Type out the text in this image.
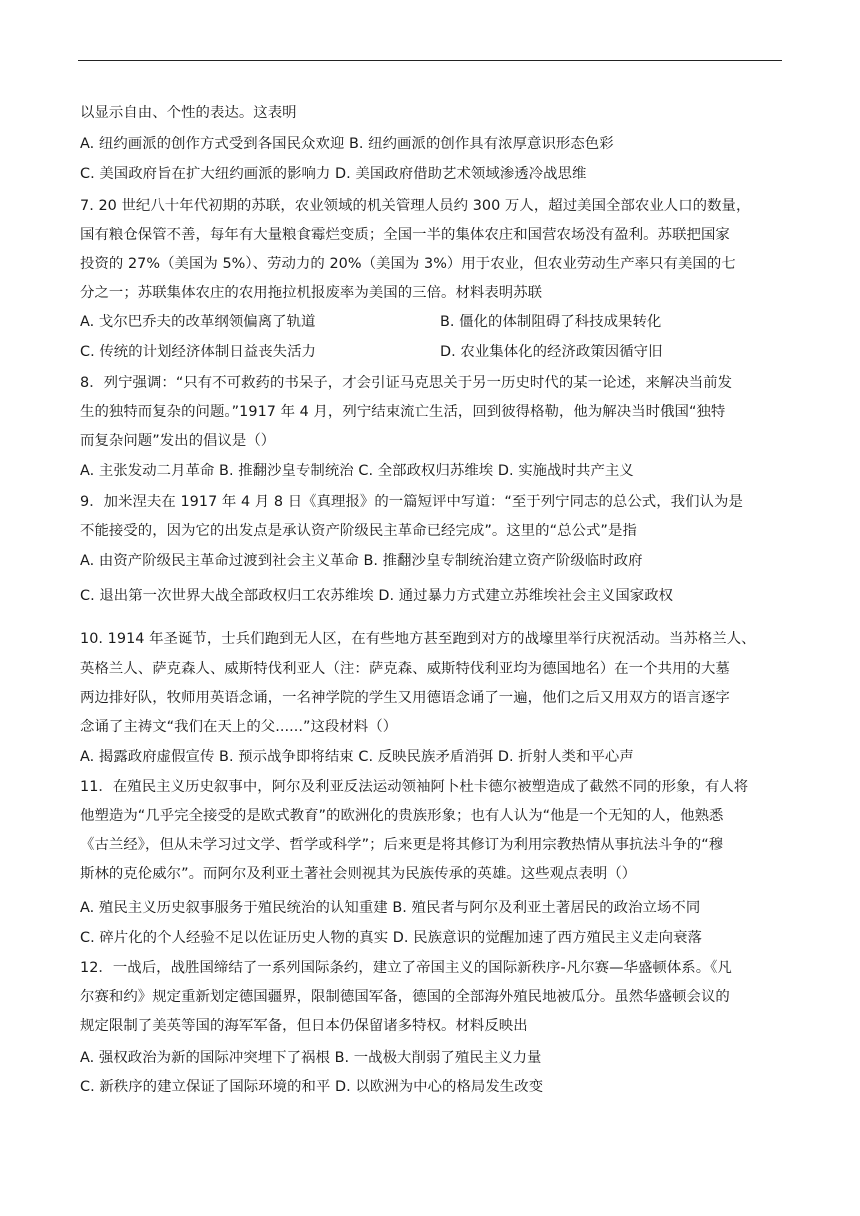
以显示自由、个性的表达。这表明
A. 纽约画派的创作方式受到各国民众欢迎 B. 纽约画派的创作具有浓厚意识形态色彩
C. 美国政府旨在扩大纽约画派的影响力 D. 美国政府借助艺术领域渗透冷战思维
7. 20 世纪八十年代初期的苏联，农业领域的机关管理人员约 300 万人，超过美国全部农业人口的数量，
国有粮仓保管不善，每年有大量粮食霉烂变质；全国一半的集体农庄和国营农场没有盈利。苏联把国家
投资的 27%（美国为 5%）、劳动力的 20%（美国为 3%）用于农业，但农业劳动生产率只有美国的七
分之一；苏联集体农庄的农用拖拉机报废率为美国的三倍。材料表明苏联
A. 戈尔巴乔夫的改革纲领偏离了轨道	B. 僵化的体制阻碍了科技成果转化
C. 传统的计划经济体制日益丧失活力	D. 农业集体化的经济政策因循守旧
8．列宁强调：“只有不可救药的书呆子，才会引证马克思关于另一历史时代的某一论述，来解决当前发
生的独特而复杂的问题。”1917 年 4 月，列宁结束流亡生活，回到彼得格勒，他为解决当时俄国“独特
而复杂问题”发出的倡议是（）
A. 主张发动二月革命 B. 推翻沙皇专制统治 C. 全部政权归苏维埃 D. 实施战时共产主义
9．加米涅夫在 1917 年 4 月 8 日《真理报》的一篇短评中写道：“至于列宁同志的总公式，我们认为是
不能接受的，因为它的出发点是承认资产阶级民主革命已经完成”。这里的“总公式”是指
A. 由资产阶级民主革命过渡到社会主义革命 B. 推翻沙皇专制统治建立资产阶级临时政府
C. 退出第一次世界大战全部政权归工农苏维埃 D. 通过暴力方式建立苏维埃社会主义国家政权
10. 1914 年圣诞节，士兵们跑到无人区，在有些地方甚至跑到对方的战壕里举行庆祝活动。当苏格兰人、
英格兰人、萨克森人、威斯特伐利亚人（注：萨克森、威斯特伐利亚均为德国地名）在一个共用的大墓
两边排好队，牧师用英语念诵，一名神学院的学生又用德语念诵了一遍，他们之后又用双方的语言逐字
念诵了主祷文“我们在天上的父......”这段材料（）
A. 揭露政府虚假宣传 B. 预示战争即将结束 C. 反映民族矛盾消弭 D. 折射人类和平心声
11．在殖民主义历史叙事中，阿尔及利亚反法运动领袖阿卜杜卡德尔被塑造成了截然不同的形象，有人将
他塑造为“几乎完全接受的是欧式教育”的欧洲化的贵族形象；也有人认为“他是一个无知的人，他熟悉
《古兰经》，但从未学习过文学、哲学或科学”；后来更是将其修订为利用宗教热情从事抗法斗争的“穆
斯林的克伦威尔”。而阿尔及利亚土著社会则视其为民族传承的英雄。这些观点表明（）
A. 殖民主义历史叙事服务于殖民统治的认知重建 B. 殖民者与阿尔及利亚土著居民的政治立场不同
C. 碎片化的个人经验不足以佐证历史人物的真实 D. 民族意识的觉醒加速了西方殖民主义走向衰落
12．一战后，战胜国缔结了一系列国际条约，建立了帝国主义的国际新秩序-凡尔赛—华盛顿体系。《凡
尔赛和约》规定重新划定德国疆界，限制德国军备，德国的全部海外殖民地被瓜分。虽然华盛顿会议的
规定限制了美英等国的海军军备，但日本仍保留诸多特权。材料反映出
A. 强权政治为新的国际冲突埋下了祸根 B. 一战极大削弱了殖民主义力量
C. 新秩序的建立保证了国际环境的和平 D. 以欧洲为中心的格局发生改变
